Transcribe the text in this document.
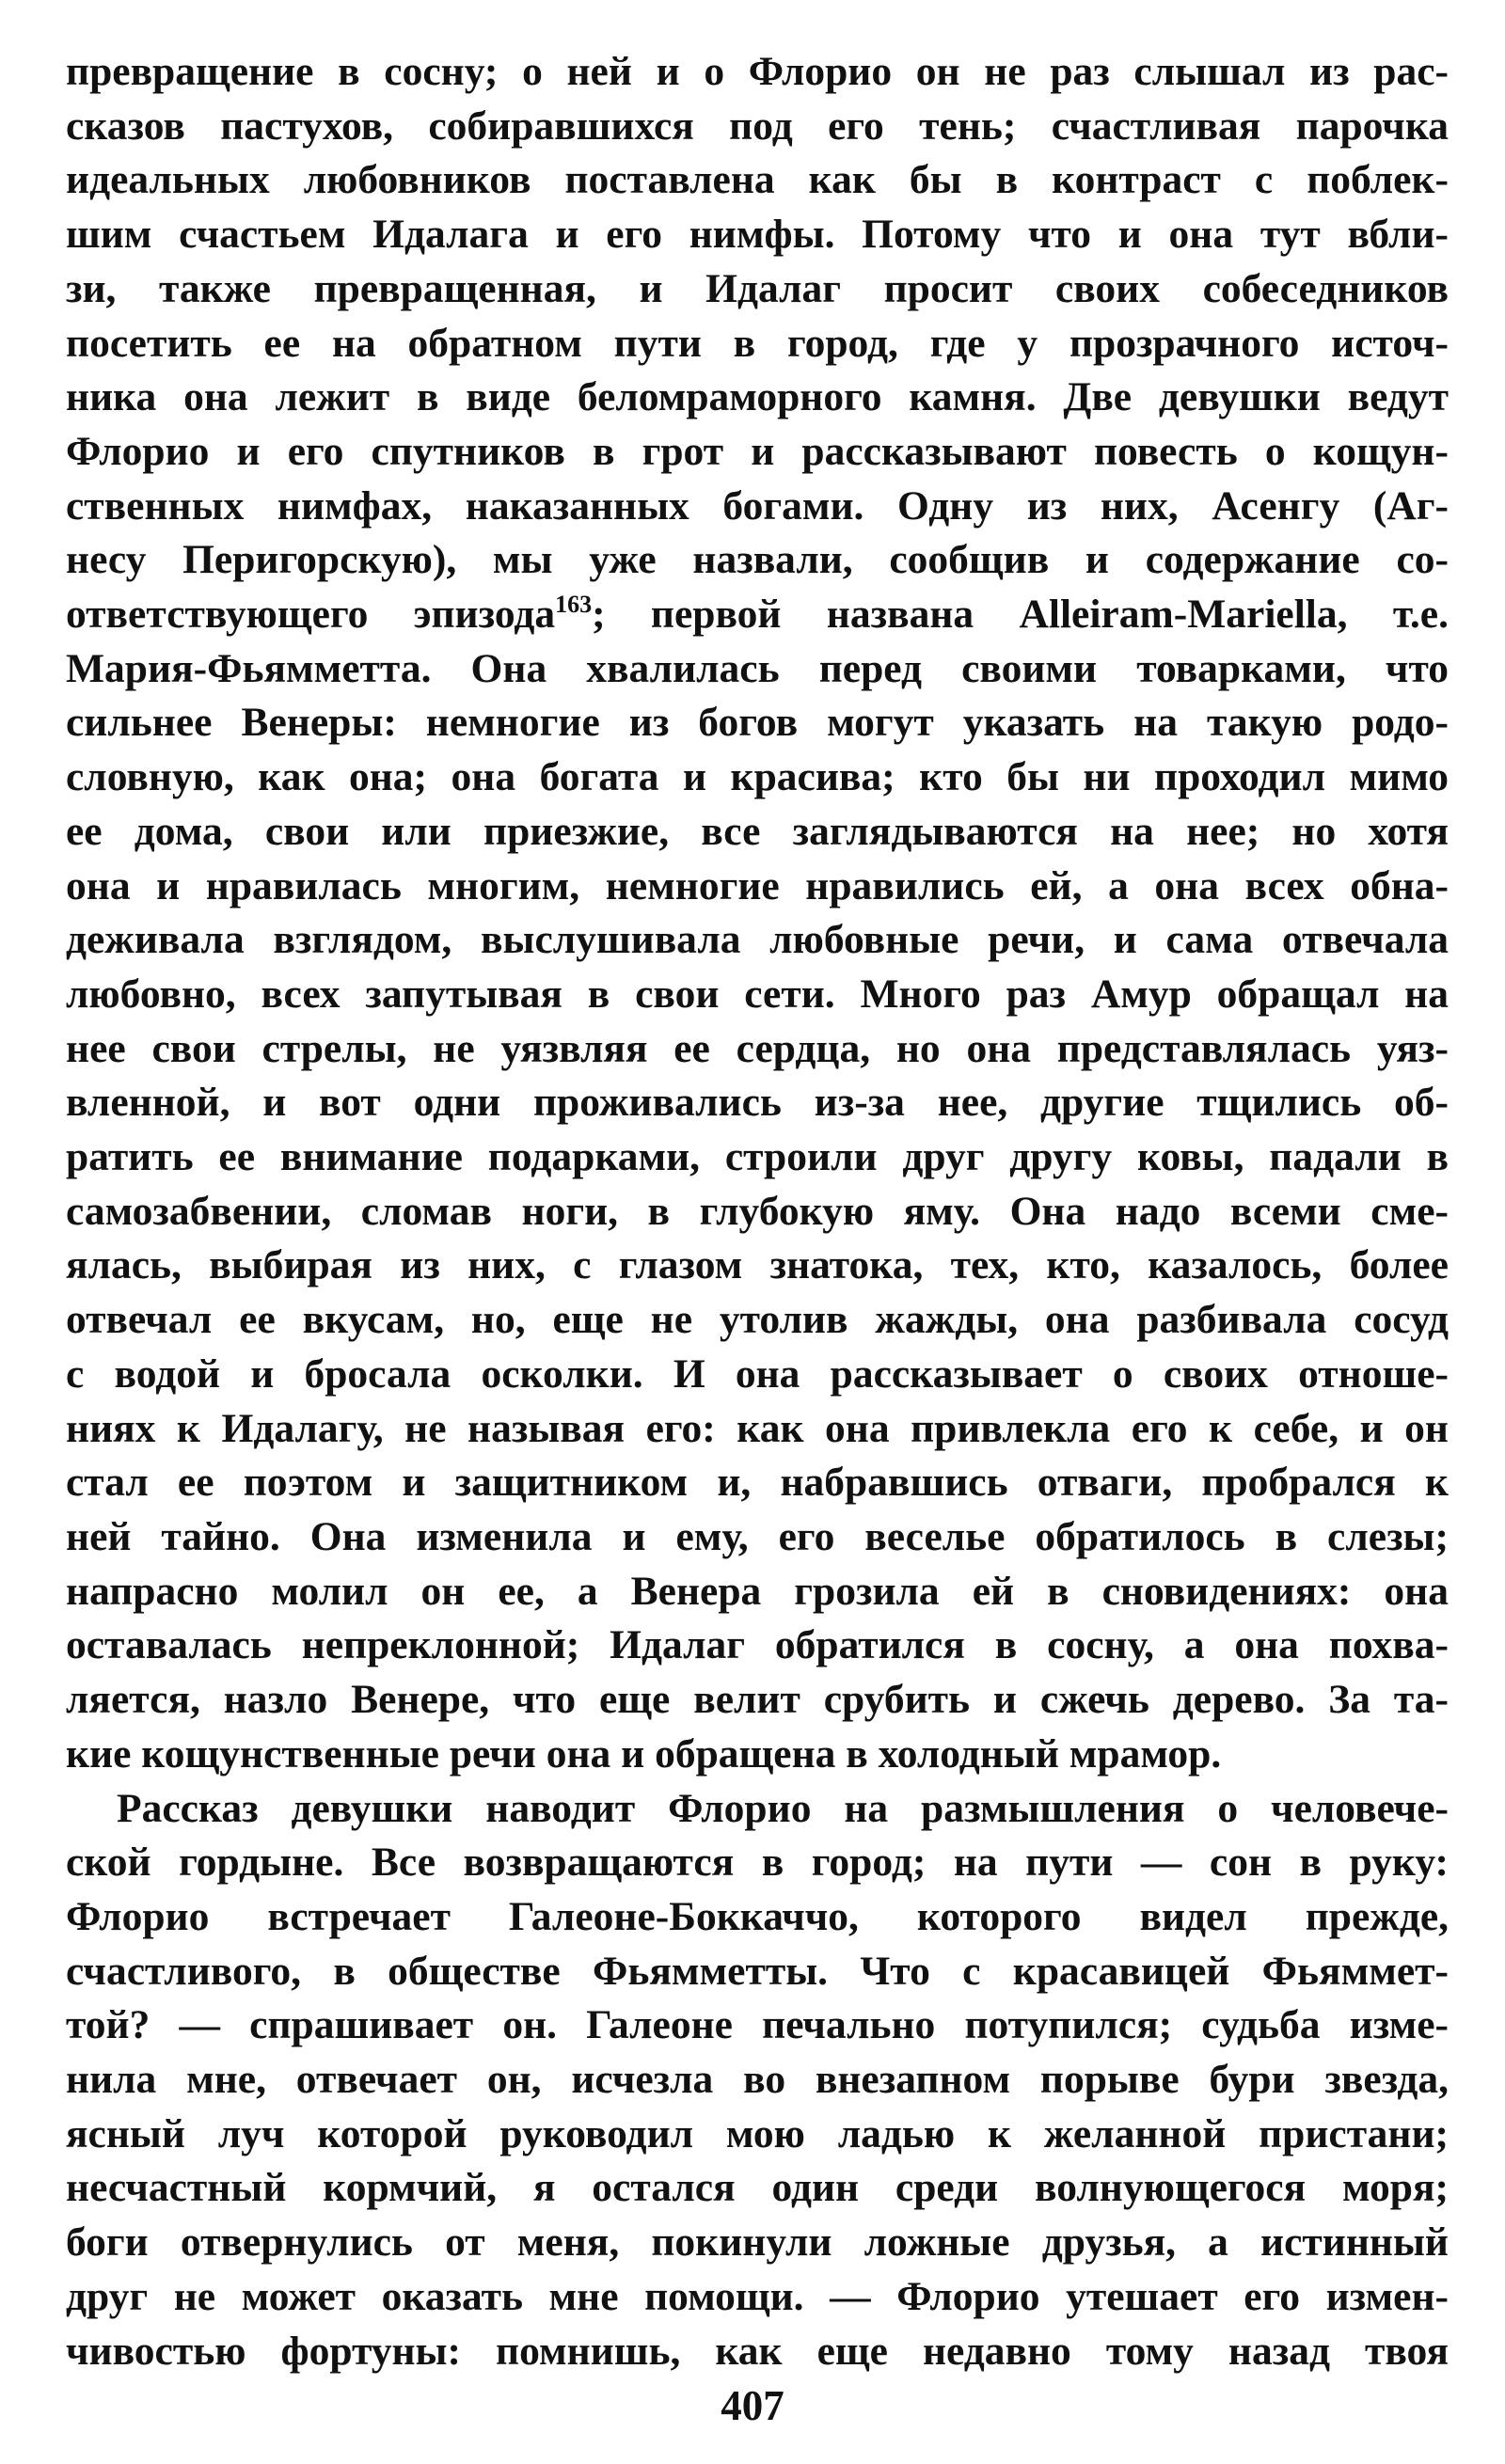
превращение в сосну; о ней и о Флорио он не раз слышал из рас-
сказов пастухов, собиравшихся под его тень; счастливая парочка
идеальных любовников поставлена как бы в контраст с поблек-
шим счастьем Идалага и его нимфы. Потому что и она тут вбли-
зи, также превращенная, и Идалаг просит своих собеседников
посетить ее на обратном пути в город, где у прозрачного источ-
ника она лежит в виде беломраморного камня. Две девушки ведут
Флорио и его спутников в грот и рассказывают повесть о кощун-
ственных нимфах, наказанных богами. Одну из них, Асенгу (Аг-
несу Перигорскую), мы уже назвали, сообщив и содержание со-
ответствующего эпизода$^{163}$; первой названа Alleiram-Mariella, т.е.
Мария-Фьямметта. Она хвалилась перед своими товарками, что
сильнее Венеры: немногие из богов могут указать на такую родо-
словную, как она; она богата и красива; кто бы ни проходил мимо
ее дома, свои или приезжие, все заглядываются на нее; но хотя
она и нравилась многим, немногие нравились ей, а она всех обна-
деживала взглядом, выслушивала любовные речи, и сама отвечала
любовно, всех запутывая в свои сети. Много раз Амур обращал на
нее свои стрелы, не уязвляя ее сердца, но она представлялась уяз-
вленной, и вот одни проживались из-за нее, другие тщились об-
ратить ее внимание подарками, строили друг другу ковы, падали в
самозабвении, сломав ноги, в глубокую яму. Она надо всеми сме-
ялась, выбирая из них, с глазом знатока, тех, кто, казалось, более
отвечал ее вкусам, но, еще не утолив жажды, она разбивала сосуд
с водой и бросала осколки. И она рассказывает о своих отноше-
ниях к Идалагу, не называя его: как она привлекла его к себе, и он
стал ее поэтом и защитником и, набравшись отваги, пробрался к
ней тайно. Она изменила и ему, его веселье обратилось в слезы;
напрасно молил он ее, а Венера грозила ей в сновидениях: она
оставалась непреклонной; Идалаг обратился в сосну, а она похва-
ляется, назло Венере, что еще велит срубить и сжечь дерево. За та-
кие кощунственные речи она и обращена в холодный мрамор.
Рассказ девушки наводит Флорио на размышления о человече-
ской гордыне. Все возвращаются в город; на пути — сон в руку:
Флорио встречает Галеоне-Боккаччо, которого видел прежде,
счастливого, в обществе Фьямметты. Что с красавицей Фьяммет-
той? — спрашивает он. Галеоне печально потупился; судьба изме-
нила мне, отвечает он, исчезла во внезапном порыве бури звезда,
ясный луч которой руководил мою ладью к желанной пристани;
несчастный кормчий, я остался один среди волнующегося моря;
боги отвернулись от меня, покинули ложные друзья, а истинный
друг не может оказать мне помощи. — Флорио утешает его измен-
чивостью фортуны: помнишь, как еще недавно тому назад твоя
407
